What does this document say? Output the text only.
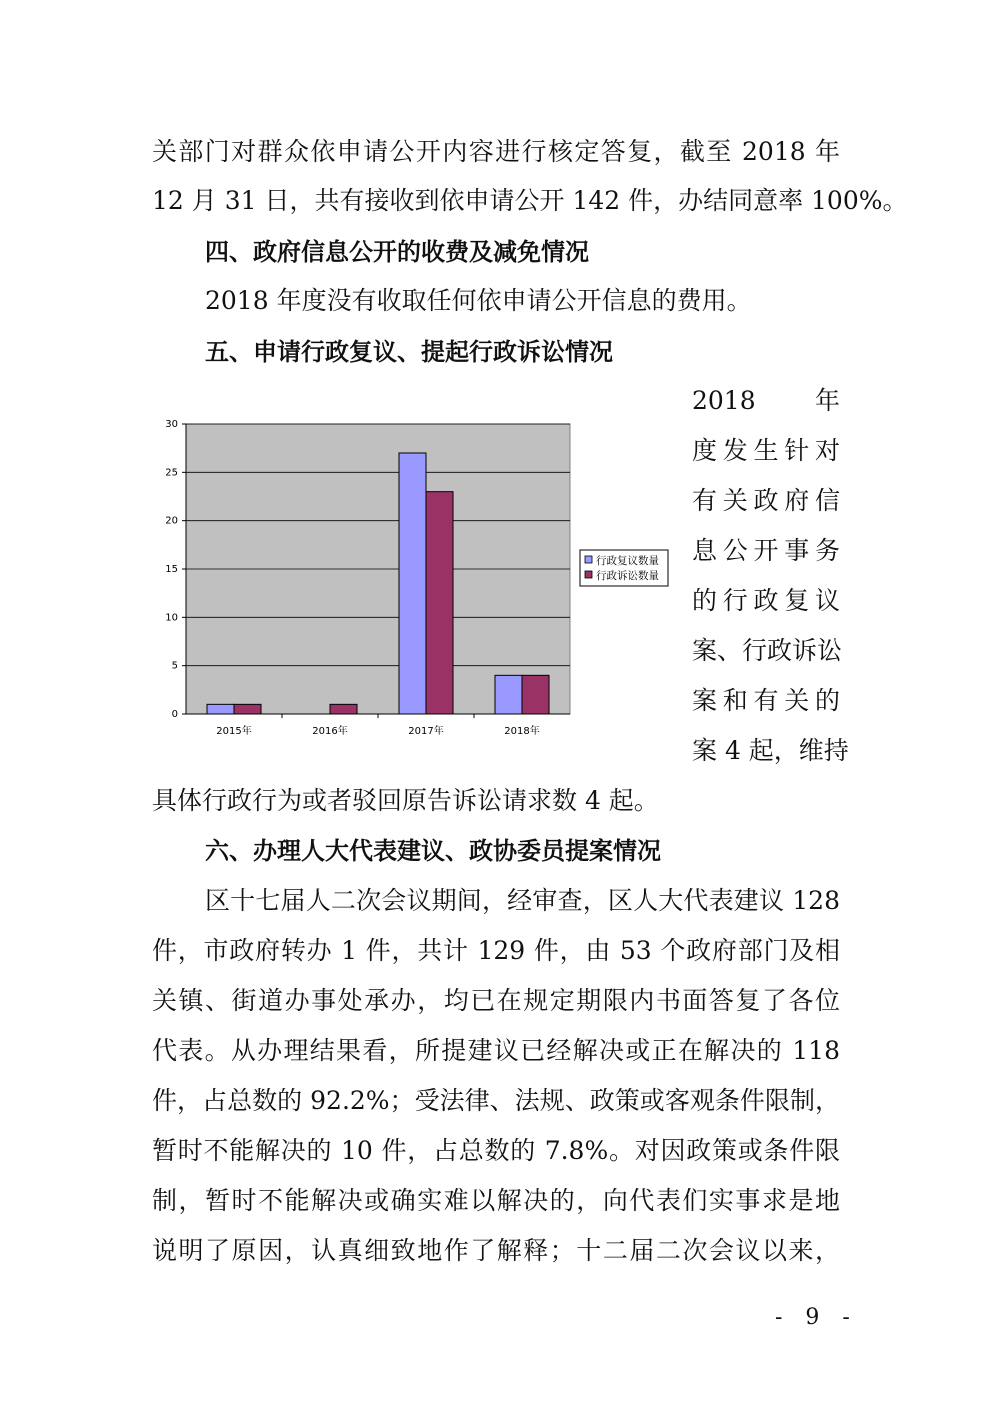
关部门对群众依申请公开内容进行核定答复，截至 2018 年
12 月 31 日，共有接收到依申请公开 142 件，办结同意率 100%。
四、政府信息公开的收费及减免情况
2018 年度没有收取任何依申请公开信息的费用。
五、申请行政复议、提起行政诉讼情况
2018 年
度发生针对
有关政府信
息公开事务
的行政复议
案、行政诉讼
案和有关的
案 4 起，维持
0
5
10
15
20
25
30
2015年	2016年	2017年	2018年
行政复议数量
行政诉讼数量
具体行政行为或者驳回原告诉讼请求数 4 起。
六、办理人大代表建议、政协委员提案情况
区十七届人二次会议期间，经审查，区人大代表建议 128
件，市政府转办 1 件，共计 129 件，由 53 个政府部门及相
关镇、街道办事处承办，均已在规定期限内书面答复了各位
代表。从办理结果看，所提建议已经解决或正在解决的 118
件，占总数的 92.2%；受法律、法规、政策或客观条件限制，
暂时不能解决的 10 件，占总数的 7.8%。对因政策或条件限
制，暂时不能解决或确实难以解决的，向代表们实事求是地
说明了原因，认真细致地作了解释；十二届二次会议以来，
- 9 -
